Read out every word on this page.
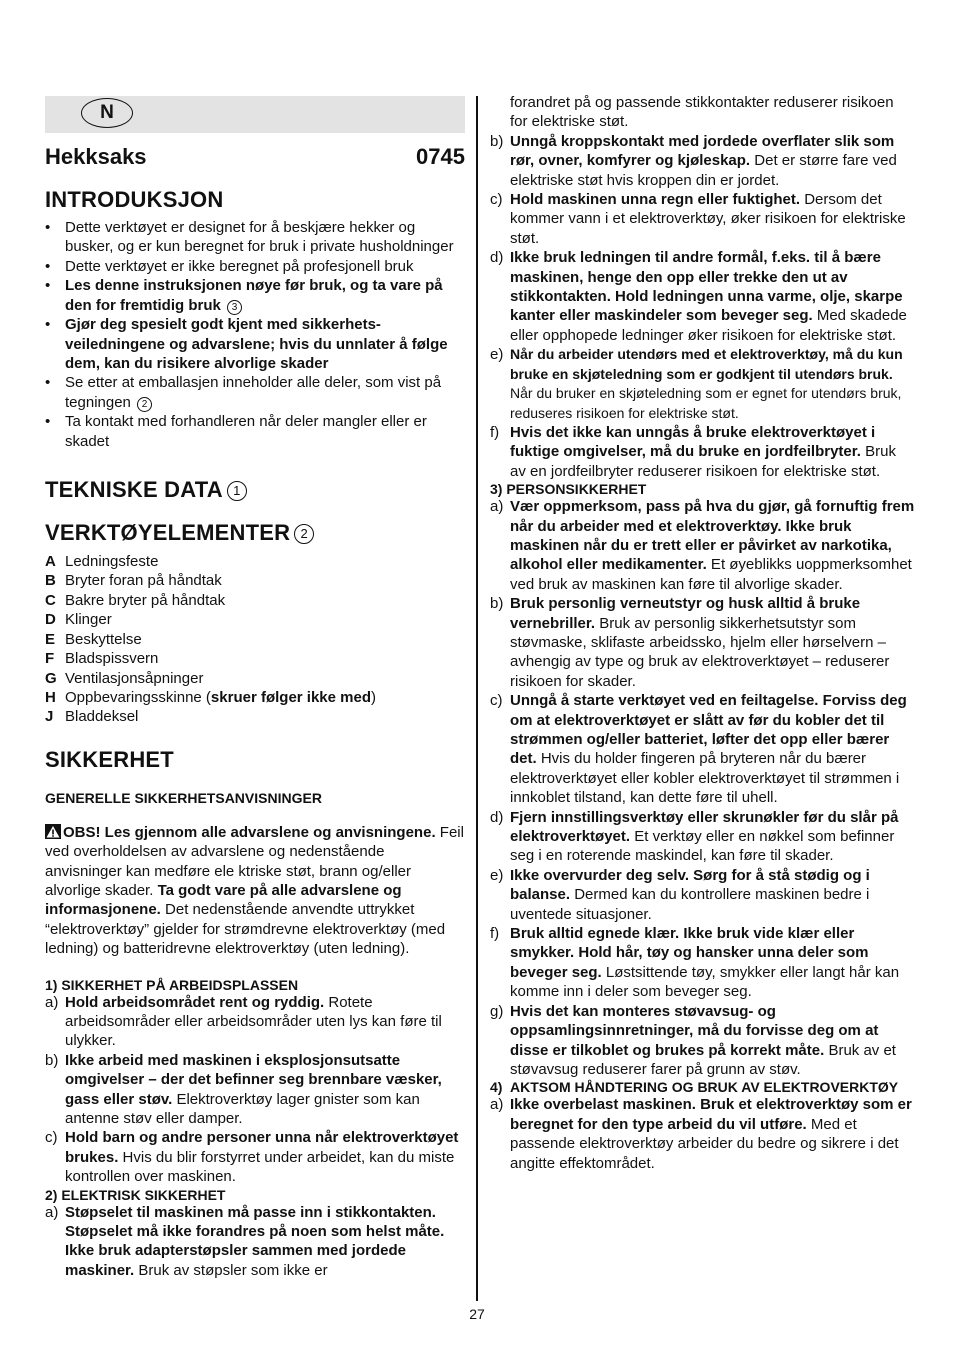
N
Hekksaks	0745
INTRODUKSJON
• Dette verktøyet er designet for å beskjære hekker og busker, og er kun beregnet for bruk i private husholdninger
• Dette verktøyet er ikke beregnet på profesjonell bruk
• Les denne instruksjonen nøye før bruk, og ta vare på den for fremtidig bruk 3
• Gjør deg spesielt godt kjent med sikkerhets-veiledningene og advarslene; hvis du unnlater å følge dem, kan du risikere alvorlige skader
• Se etter at emballasjen inneholder alle deler, som vist på tegningen 2
• Ta kontakt med forhandleren når deler mangler eller er skadet
TEKNISKE DATA 1
VERKTØYELEMENTER 2
A Ledningsfeste
B Bryter foran på håndtak
C Bakre bryter på håndtak
D Klinger
E Beskyttelse
F Bladspissvern
G Ventilasjonsåpninger
H Oppbevaringsskinne (skruer følger ikke med)
J Bladdeksel
SIKKERHET
GENERELLE SIKKERHETSANVISNINGER
OBS! Les gjennom alle advarslene og anvisningene. Feil ved overholdelsen av advarslene og nedenstående anvisninger kan medføre ele ktriske støt, brann og/eller alvorlige skader. Ta godt vare på alle advarslene og informasjonene. Det nedenstående anvendte uttrykket “elektroverktøy” gjelder for strømdrevne elektroverktøy (med ledning) og batteridrevne elektroverktøy (uten ledning).
1) SIKKERHET PÅ ARBEIDSPLASSEN
a) Hold arbeidsområdet rent og ryddig. Rotete arbeidsområder eller arbeidsområder uten lys kan føre til ulykker.
b) Ikke arbeid med maskinen i eksplosjonsutsatte omgivelser – der det befinner seg brennbare væsker, gass eller støv. Elektroverktøy lager gnister som kan antenne støv eller damper.
c) Hold barn og andre personer unna når elektroverktøyet brukes. Hvis du blir forstyrret under arbeidet, kan du miste kontrollen over maskinen.
2) ELEKTRISK SIKKERHET
a) Støpselet til maskinen må passe inn i stikkontakten. Støpselet må ikke forandres på noen som helst måte. Ikke bruk adapterstøpsler sammen med jordede maskiner. Bruk av støpsler som ikke er
forandret på og passende stikkontakter reduserer risikoen for elektriske støt.
b) Unngå kroppskontakt med jordede overflater slik som rør, ovner, komfyrer og kjøleskap. Det er større fare ved elektriske støt hvis kroppen din er jordet.
c) Hold maskinen unna regn eller fuktighet. Dersom det kommer vann i et elektroverktøy, øker risikoen for elektriske støt.
d) Ikke bruk ledningen til andre formål, f.eks. til å bære maskinen, henge den opp eller trekke den ut av stikkontakten. Hold ledningen unna varme, olje, skarpe kanter eller maskindeler som beveger seg. Med skadede eller opphopede ledninger øker risikoen for elektriske støt.
e) Når du arbeider utendørs med et elektroverktøy, må du kun bruke en skjøteledning som er godkjent til utendørs bruk. Når du bruker en skjøteledning som er egnet for utendørs bruk, reduseres risikoen for elektriske støt.
f) Hvis det ikke kan unngås å bruke elektroverktøyet i fuktige omgivelser, må du bruke en jordfeilbryter. Bruk av en jordfeilbryter reduserer risikoen for elektriske støt.
3) PERSONSIKKERHET
a) Vær oppmerksom, pass på hva du gjør, gå fornuftig frem når du arbeider med et elektroverktøy. Ikke bruk maskinen når du er trett eller er påvirket av narkotika, alkohol eller medikamenter. Et øyeblikks uoppmerksomhet ved bruk av maskinen kan føre til alvorlige skader.
b) Bruk personlig verneutstyr og husk alltid å bruke vernebriller. Bruk av personlig sikkerhetsutstyr som støvmaske, sklifaste arbeidssko, hjelm eller hørselvern – avhengig av type og bruk av elektroverktøyet – reduserer risikoen for skader.
c) Unngå å starte verktøyet ved en feiltagelse. Forviss deg om at elektroverktøyet er slått av før du kobler det til strømmen og/eller batteriet, løfter det opp eller bærer det. Hvis du holder fingeren på bryteren når du bærer elektroverktøyet eller kobler elektroverktøyet til strømmen i innkoblet tilstand, kan dette føre til uhell.
d) Fjern innstillingsverktøy eller skrunøkler før du slår på elektroverktøyet. Et verktøy eller en nøkkel som befinner seg i en roterende maskindel, kan føre til skader.
e) Ikke overvurder deg selv. Sørg for å stå stødig og i balanse. Dermed kan du kontrollere maskinen bedre i uventede situasjoner.
f) Bruk alltid egnede klær. Ikke bruk vide klær eller smykker. Hold hår, tøy og hansker unna deler som beveger seg. Løstsittende tøy, smykker eller langt hår kan komme inn i deler som beveger seg.
g) Hvis det kan monteres støvavsug- og oppsamlingsinnretninger, må du forvisse deg om at disse er tilkoblet og brukes på korrekt måte. Bruk av et støvavsug reduserer farer på grunn av støv.
4) AKTSOM HÅNDTERING OG BRUK AV ELEKTROVERKTØY
a) Ikke overbelast maskinen. Bruk et elektroverktøy som er beregnet for den type arbeid du vil utføre. Med et passende elektroverktøy arbeider du bedre og sikrere i det angitte effektområdet.
27
